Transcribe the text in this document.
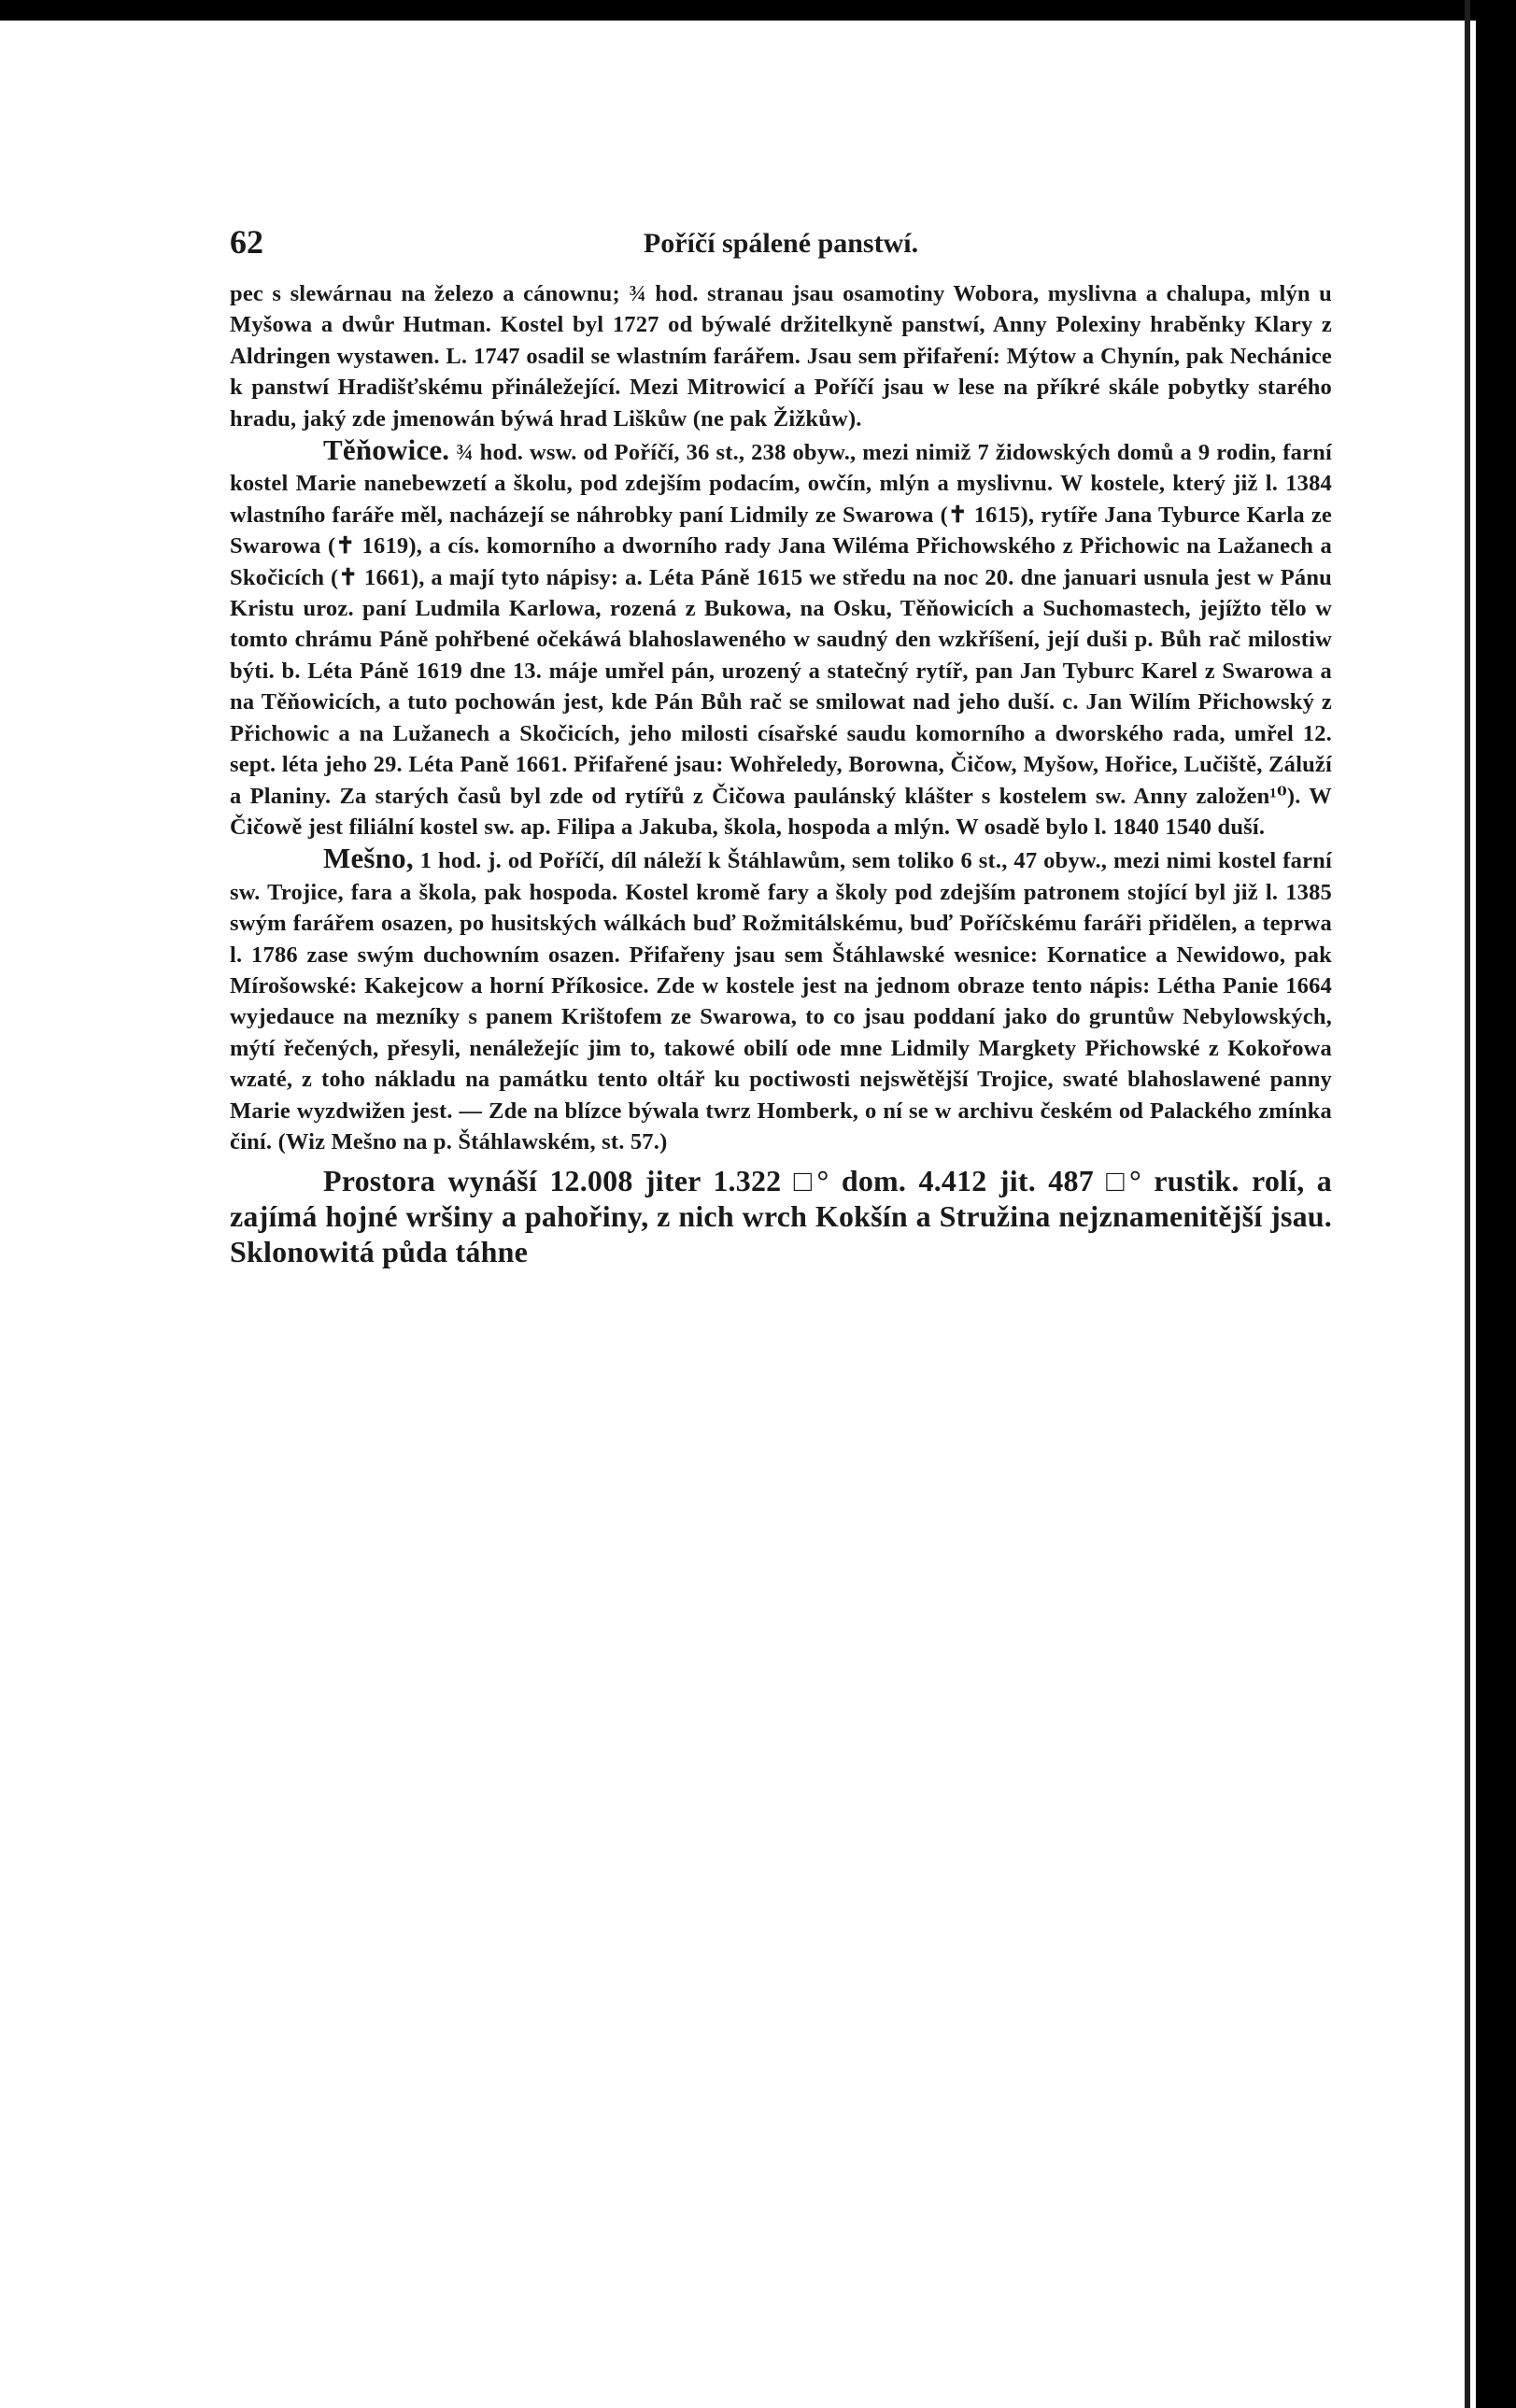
62	Poříčí spálené panstwí.

pec s slewárnau na železo a cánownu; ¾ hod. stranau jsau osamotiny Wobora, myslivna a chalupa, mlýn u Myšowa a dwůr Hutman. Kostel byl 1727 od býwalé držitelkyně panstwí, Anny Polexiny hraběnky Klary z Aldringen wystawen. L. 1747 osadil se wlastním farářem. Jsau sem přifaření: Mýtow a Chynín, pak Nechánice k panstwí Hradišťskému přináležející. Mezi Mitrowicí a Poříčí jsau w lese na příkré skále pobytky starého hradu, jaký zde jmenowán býwá hrad Liškůw (ne pak Žižkůw).

Těňowice. ¾ hod. wsw. od Poříčí, 36 st., 238 obyw., mezi nimiž 7 židowských domů a 9 rodin, farní kostel Marie nanebewzetí a školu, pod zdejším podacím, owčín, mlýn a myslivnu. W kostele, který již l. 1384 wlastního faráře měl, nacházejí se náhrobky paní Lidmily ze Swarowa (✝ 1615), rytíře Jana Tyburce Karla ze Swarowa (✝ 1619), a cís. komorního a dworního rady Jana Wiléma Přichowského z Přichowic na Lažanech a Skočicích (✝ 1661), a mají tyto nápisy: a. Léta Páně 1615 we středu na noc 20. dne januari usnula jest w Pánu Kristu uroz. paní Ludmila Karlowa, rozená z Bukowa, na Osku, Těňowicích a Suchomastech, jejížto tělo w tomto chrámu Páně pohřbené očekáwá blahoslaweného w saudný den wzkříšení, její duši p. Bůh rač milostiw býti. b. Léta Páně 1619 dne 13. máje umřel pán, urozený a statečný rytíř, pan Jan Tyburc Karel z Swarowa a na Těňowicích, a tuto pochowán jest, kde Pán Bůh rač se smilowat nad jeho duší. c. Jan Wilím Přichowský z Přichowic a na Lužanech a Skočicích, jeho milosti císařské saudu komorního a dworského rada, umřel 12. sept. léta jeho 29. Léta Paně 1661. Přifařené jsau: Wohřeledy, Borowna, Čičow, Myšow, Hořice, Lučiště, Záluží a Planiny. Za starých časů byl zde od rytířů z Čičowa paulánský klášter s kostelem sw. Anny založen¹⁰). W Čičowě jest filiální kostel sw. ap. Filipa a Jakuba, škola, hospoda a mlýn. W osadě bylo l. 1840 1540 duší.

Mešno, 1 hod. j. od Poříčí, díl náleží k Štáhlawům, sem toliko 6 st., 47 obyw., mezi nimi kostel farní sw. Trojice, fara a škola, pak hospoda. Kostel kromě fary a školy pod zdejším patronem stojící byl již l. 1385 swým farářem osazen, po husitských wálkách buď Rožmitálskému, buď Poříčskému faráři přidělen, a teprwa l. 1786 zase swým duchowním osazen. Přifařeny jsau sem Štáhlawské wesnice: Kornatice a Newidowo, pak Mírošowské: Kakejcow a horní Příkosice. Zde w kostele jest na jednom obraze tento nápis: Létha Panie 1664 wyjedauce na mezníky s panem Krištofem ze Swarowa, to co jsau poddaní jako do gruntůw Nebylowských, mýtí řečených, přesyli, nenáležejíc jim to, takowé obilí ode mne Lidmily Margkety Přichowské z Kokořowa wzaté, z toho nákladu na památku tento oltář ku poctiwosti nejswětější Trojice, swaté blahoslawené panny Marie wyzdwižen jest. — Zde na blízce býwala twrz Homberk, o ní se w archivu českém od Palackého zmínka činí. (Wiz Mešno na p. Štáhlawském, st. 57.)

Prostora wynáší 12.008 jiter 1.322 □° dom. 4.412 jit. 487 □° rustik. rolí, a zajímá hojné wršiny a pahořiny, z nich wrch Kokšín a Stružina nejznamenitější jsau. Sklonowitá půda táhne
